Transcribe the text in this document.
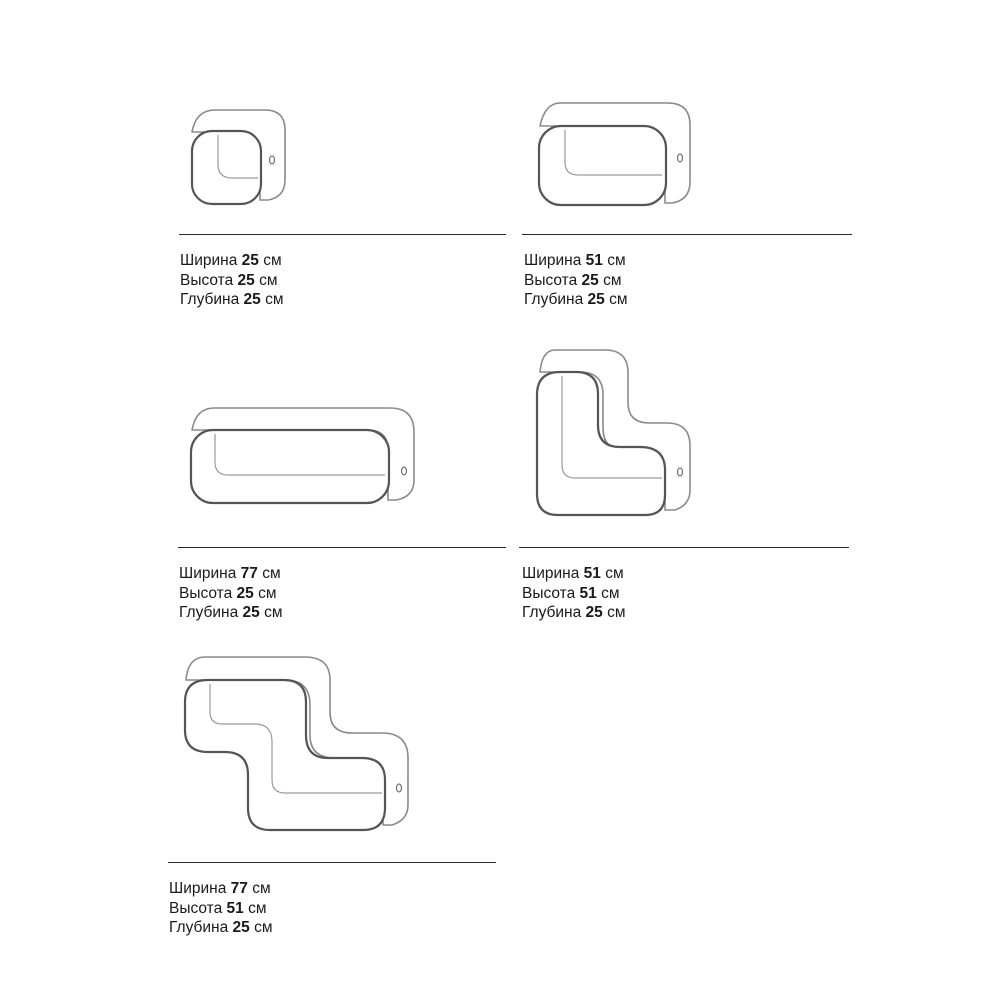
Ширина 25 см
Высота 25 см
Глубина 25 см
Ширина 51 см
Высота 25 см
Глубина 25 см
Ширина 77 см
Высота 25 см
Глубина 25 см
Ширина 51 см
Высота 51 см
Глубина 25 см
Ширина 77 см
Высота 51 см
Глубина 25 см
